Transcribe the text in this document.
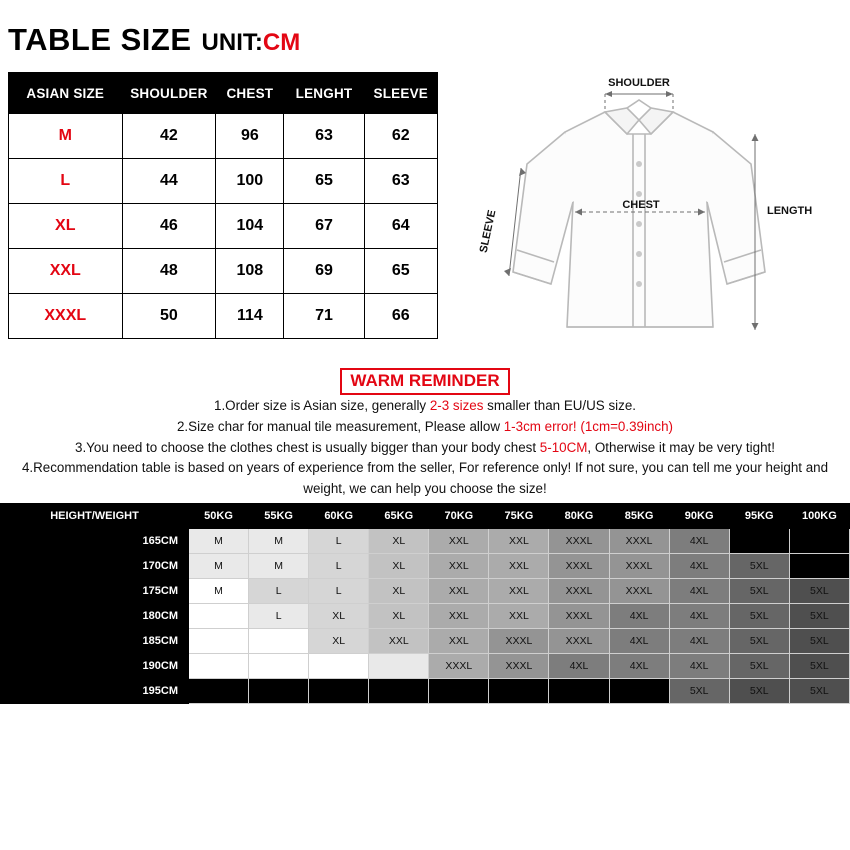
TABLE SIZE UNIT:CM
ASIAN SIZE	SHOULDER	CHEST	LENGHT	SLEEVE
M	42	96	63	62
L	44	100	65	63
XL	46	104	67	64
XXL	48	108	69	65
XXXL	50	114	71	66
SHOULDER
CHEST	LENGTH
SLEEVE
WARM REMINDER
1.Order size is Asian size, generally 2-3 sizes smaller than EU/US size.
2.Size char for manual tile measurement, Please allow 1-3cm error! (1cm=0.39inch)
3.You need to choose the clothes chest is usually bigger than your body chest 5-10CM, Otherwise it may be very tight!
4.Recommendation table is based on years of experience from the seller, For reference only! If not sure, you can tell me your height and weight, we can help you choose the size!
HEIGHT/WEIGHT	50KG	55KG	60KG	65KG	70KG	75KG	80KG	85KG	90KG	95KG	100KG
165CM	M	M	L	XL	XXL	XXL	XXXL	XXXL	4XL		
170CM	M	M	L	XL	XXL	XXL	XXXL	XXXL	4XL	5XL	
175CM	M	L	L	XL	XXL	XXL	XXXL	XXXL	4XL	5XL	5XL
180CM		L	XL	XL	XXL	XXL	XXXL	4XL	4XL	5XL	5XL
185CM			XL	XXL	XXL	XXXL	XXXL	4XL	4XL	5XL	5XL
190CM					XXXL	XXXL	4XL	4XL	4XL	5XL	5XL
195CM									5XL	5XL	5XL
